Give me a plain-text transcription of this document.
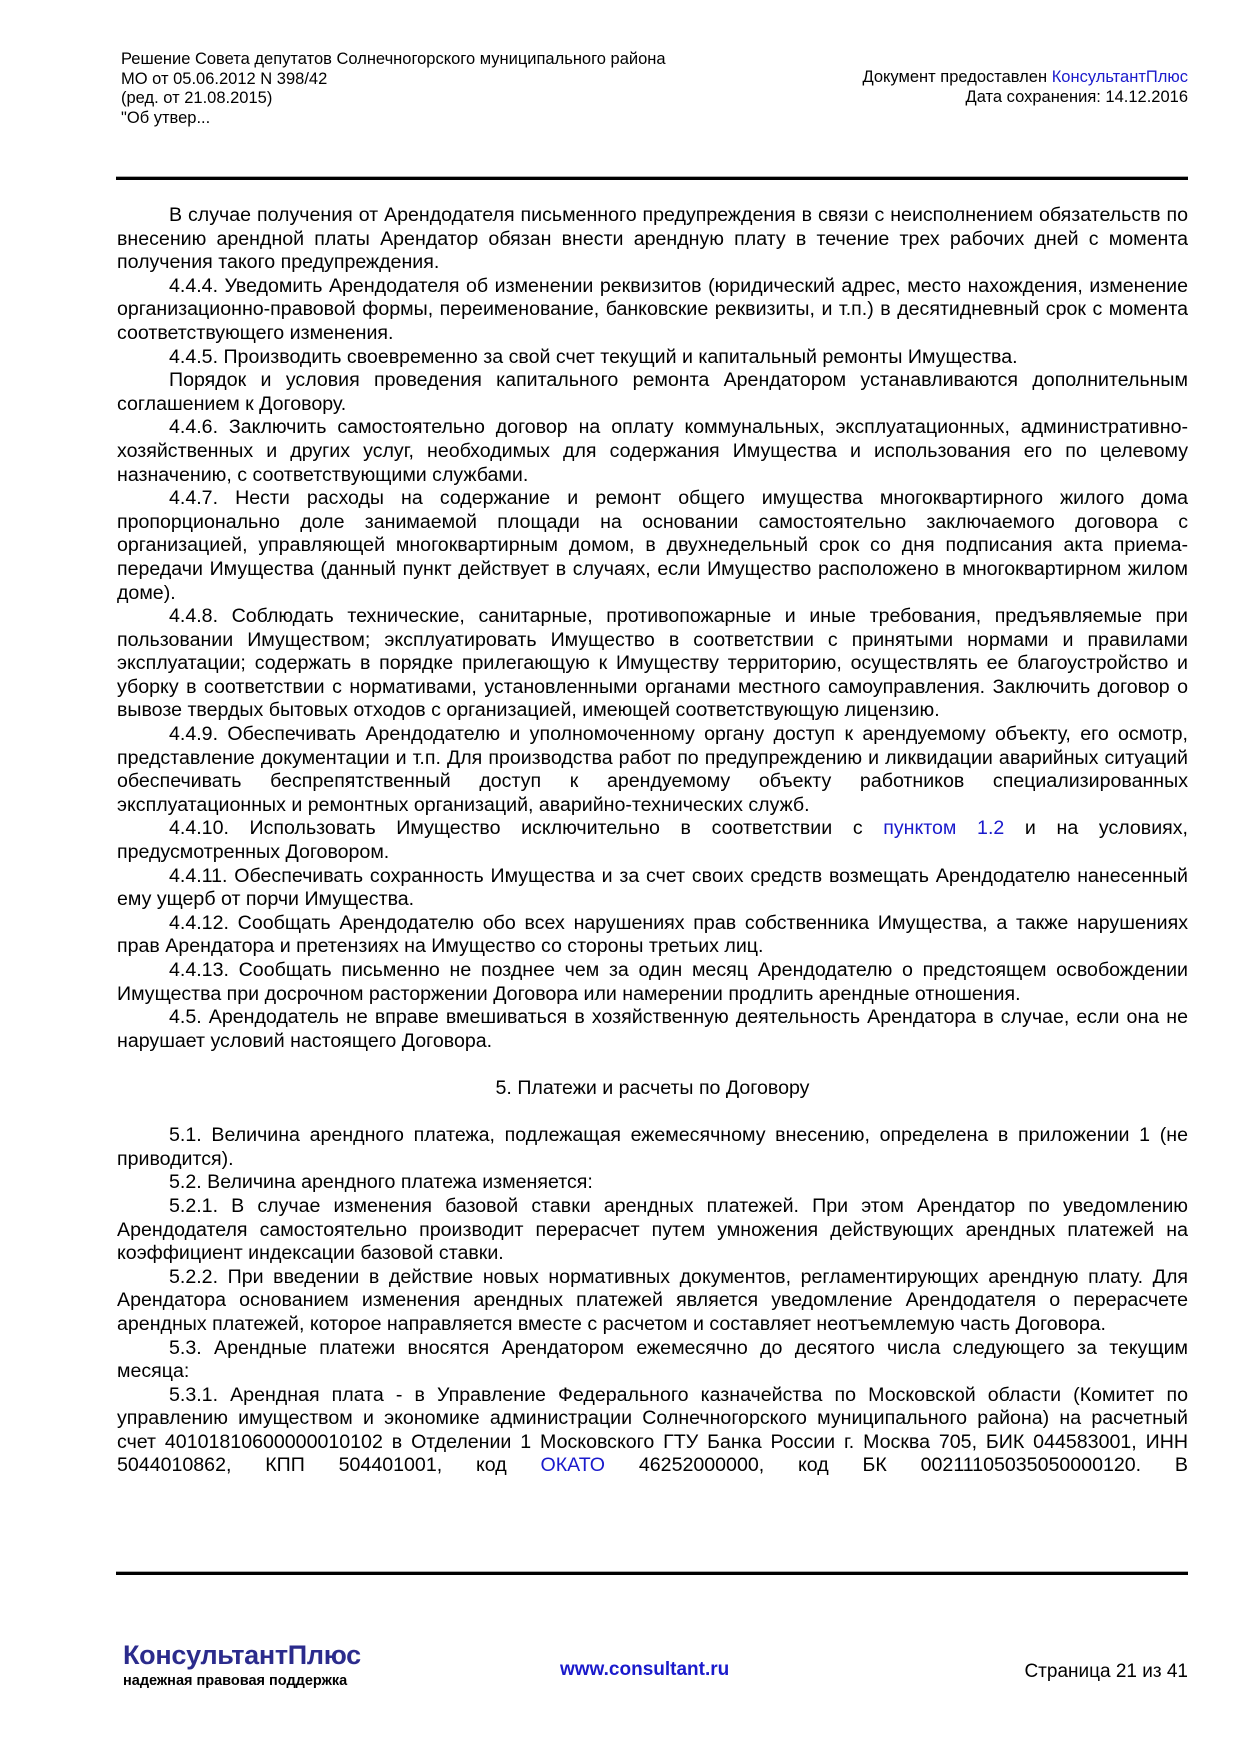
Решение Совета депутатов Солнечногорского муниципального района
МО от 05.06.2012 N 398/42
(ред. от 21.08.2015)
"Об утвер...
Документ предоставлен КонсультантПлюс
Дата сохранения: 14.12.2016

В случае получения от Арендодателя письменного предупреждения в связи с неисполнением обязательств по внесению арендной платы Арендатор обязан внести арендную плату в течение трех рабочих дней с момента получения такого предупреждения.

4.4.4. Уведомить Арендодателя об изменении реквизитов (юридический адрес, место нахождения, изменение организационно-правовой формы, переименование, банковские реквизиты, и т.п.) в десятидневный срок с момента соответствующего изменения.

4.4.5. Производить своевременно за свой счет текущий и капитальный ремонты Имущества.

Порядок и условия проведения капитального ремонта Арендатором устанавливаются дополнительным соглашением к Договору.

4.4.6. Заключить самостоятельно договор на оплату коммунальных, эксплуатационных, административно-хозяйственных и других услуг, необходимых для содержания Имущества и использования его по целевому назначению, с соответствующими службами.

4.4.7. Нести расходы на содержание и ремонт общего имущества многоквартирного жилого дома пропорционально доле занимаемой площади на основании самостоятельно заключаемого договора с организацией, управляющей многоквартирным домом, в двухнедельный срок со дня подписания акта приема-передачи Имущества (данный пункт действует в случаях, если Имущество расположено в многоквартирном жилом доме).

4.4.8. Соблюдать технические, санитарные, противопожарные и иные требования, предъявляемые при пользовании Имуществом; эксплуатировать Имущество в соответствии с принятыми нормами и правилами эксплуатации; содержать в порядке прилегающую к Имуществу территорию, осуществлять ее благоустройство и уборку в соответствии с нормативами, установленными органами местного самоуправления. Заключить договор о вывозе твердых бытовых отходов с организацией, имеющей соответствующую лицензию.

4.4.9. Обеспечивать Арендодателю и уполномоченному органу доступ к арендуемому объекту, его осмотр, представление документации и т.п. Для производства работ по предупреждению и ликвидации аварийных ситуаций обеспечивать беспрепятственный доступ к арендуемому объекту работников специализированных эксплуатационных и ремонтных организаций, аварийно-технических служб.

4.4.10. Использовать Имущество исключительно в соответствии с пунктом 1.2 и на условиях, предусмотренных Договором.

4.4.11. Обеспечивать сохранность Имущества и за счет своих средств возмещать Арендодателю нанесенный ему ущерб от порчи Имущества.

4.4.12. Сообщать Арендодателю обо всех нарушениях прав собственника Имущества, а также нарушениях прав Арендатора и претензиях на Имущество со стороны третьих лиц.

4.4.13. Сообщать письменно не позднее чем за один месяц Арендодателю о предстоящем освобождении Имущества при досрочном расторжении Договора или намерении продлить арендные отношения.

4.5. Арендодатель не вправе вмешиваться в хозяйственную деятельность Арендатора в случае, если она не нарушает условий настоящего Договора.

5. Платежи и расчеты по Договору

5.1. Величина арендного платежа, подлежащая ежемесячному внесению, определена в приложении 1 (не приводится).

5.2. Величина арендного платежа изменяется:

5.2.1. В случае изменения базовой ставки арендных платежей. При этом Арендатор по уведомлению Арендодателя самостоятельно производит перерасчет путем умножения действующих арендных платежей на коэффициент индексации базовой ставки.

5.2.2. При введении в действие новых нормативных документов, регламентирующих арендную плату. Для Арендатора основанием изменения арендных платежей является уведомление Арендодателя о перерасчете арендных платежей, которое направляется вместе с расчетом и составляет неотъемлемую часть Договора.

5.3. Арендные платежи вносятся Арендатором ежемесячно до десятого числа следующего за текущим месяца:

5.3.1. Арендная плата - в Управление Федерального казначейства по Московской области (Комитет по управлению имуществом и экономике администрации Солнечногорского муниципального района) на расчетный счет 40101810600000010102 в Отделении 1 Московского ГТУ Банка России г. Москва 705, БИК 044583001, ИНН 5044010862, КПП 504401001, код ОКАТО 46252000000, код БК 00211105035050000120. В

КонсультантПлюс
надежная правовая поддержка
www.consultant.ru	Страница 21 из 41
